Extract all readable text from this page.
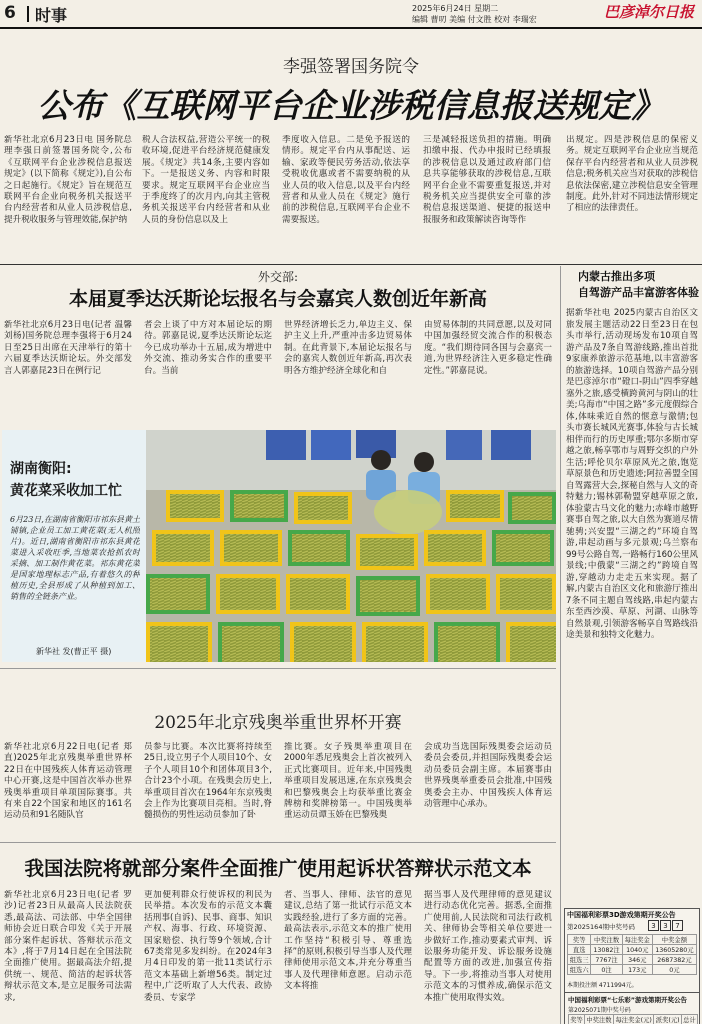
6 时事	2025年6月24日 星期二
编辑 曹叨 美编 付文胜 校对 李瑞宏	巴彦淖尔日报
李强签署国务院令
公布《互联网平台企业涉税信息报送规定》
新华社北京6月23日电 国务院总理李强日前签署国务院令,公布《互联网平台企业涉税信息报送规定》(以下简称《规定》),自公布之日起施行。《规定》旨在规范互联网平台企业向税务机关报送平台内经营者和从业人员涉税信息,提升税收服务与管理效能,保护纳
税人合法权益,营造公平统一的税收环境,促进平台经济规范健康发展。《规定》共14条,主要内容如下。一是报送义务、内容和时限要求。规定互联网平台企业应当于季度终了的次月内,向其主管税务机关报送平台内经营者和从业人员的身份信息以及上
季度收入信息。二是免予报送的情形。规定平台内从事配送、运输、家政等便民劳务活动,依法享受税收优惠或者不需要纳税的从业人员的收入信息,以及平台内经营者和从业人员在《规定》施行前的涉税信息,互联网平台企业不需要报送。
三是减轻报送负担的措施。明确扣缴申报、代办申报时已经填报的涉税信息以及通过政府部门信息共享能够获取的涉税信息,互联网平台企业不需要重复报送,并对税务机关应当提供安全可靠的涉税信息报送渠道、便捷的报送申报服务和政策解读咨询等作
出规定。四是涉税信息的保密义务。规定互联网平台企业应当规范保存平台内经营者和从业人员涉税信息;税务机关应当对获取的涉税信息依法保密,建立涉税信息安全管理制度。此外,针对不同违法情形规定了相应的法律责任。
外交部:
本届夏季达沃斯论坛报名与会嘉宾人数创近年新高
新华社北京6月23日电(记者 温馨 刘杨)国务院总理李强将于6月24日至25日出席在天津举行的第十六届夏季达沃斯论坛。外交部发言人郭嘉昆23日在例行记
者会上谈了中方对本届论坛的期待。郭嘉昆说,夏季达沃斯论坛迄今已成功举办十五届,成为増进中外交流、推动务实合作的重要平台。当前
世界经济増长乏力,单边主义、保护主义上升,严重冲击多边贸易体制。在此背景下,本届论坛报名与会的嘉宾人数创近年新高,再次表明各方维护经济全球化和自
由贸易体制的共同意愿,以及对同中国加强经贸交流合作的积极态度。“我们期待同各国与会嘉宾一道,为世界经济注入更多稳定性确定性。”郭嘉昆说。
湖南衡阳:
黄花菜采收加工忙
6月23日,在湖南省衡阳市祁东县黄土铺镇,企业员工加工黄花菜(无人机照片)。近日,湖南省衡阳市祁东县黄花菜进入采收旺季,当地菜农抢抓农时采摘、加工制作黄花菜。祁东黄花菜是国家地理标志产品,有着悠久的种植历史,全县形成了从种植到加工、销售的全链条产业。
新华社 发(曹正平 摄)
2025年北京残奥举重世界杯开赛
新华社北京6月22日电(记者 郑直)2025年北京残奥举重世界杯22日在中国残疾人体育运动管理中心开赛,这是中国首次举办世界残奥举重项目单项国际赛事。共有来自22个国家和地区的161名运动员和91名随队官
员参与比赛。本次比赛将持续至25日,设立男子个人项目10个、女子个人项目10个和团体项目3个,合计23个小项。在残奥会历史上,举重项目首次在1964年东京残奥会上作为比赛项目亮相。当时,脊髓损伤的男性运动员参加了卧
推比赛。女子残奥举重项目在2000年悉尼残奥会上首次被列入正式比赛项目。近年来,中国残奥举重项目发展迅速,在东京残奥会和巴黎残奥会上均获举重比赛金牌榜和奖牌榜第一。中国残奥举重运动员谭玉娇在巴黎残奥
会成功当选国际残奥委会运动员委员会委员,并担国际残奥委会运动员委员会副主席。本届赛事由世界残奥举重委员会批准,中国残奥委会主办、中国残疾人体育运动管理中心承办。
我国法院将就部分案件全面推广使用起诉状答辩状示范文本
新华社北京6月23日电(记者 罗沙)记者23日从最高人民法院获悉,最高法、司法部、中华全国律师协会近日联合印发《关于开展部分案件起诉状、答辩状示范文本》,将于7月14日起在全国法院全面推广使用。据最高法介绍,提供统一、规范、简洁的起诉状答辩状示范文本,是立足服务司法需求,
更加便利群众行使诉权的利民为民举措。本次发布的示范文本囊括刑事(自诉)、民事、商事、知识产权、海事、行政、环境资源、国家赔偿、执行等9个领域,合计67类常见多发纠纷。在2024年3月4日印发的第一批11类试行示范文本基础上新增56类。制定过程中,广泛听取了人大代表、政协委员、专家学
者、当事人、律师、法官的意见建议,总结了第一批试行示范文本实践经验,进行了多方面的完善。最高法表示,示范文本的推广使用工作坚持“积极引导、尊重选择”的原则,积极引导当事人及代理律师使用示范文本,并充分尊重当事人及代理律师意愿。启动示范文本将推
据当事人及代理律师的意见建议进行动态优化完善。据悉,全面推广使用前,人民法院和司法行政机关、律师协会等相关单位要进一步做好工作,推动要素式审判、诉讼服务功能开发、诉讼服务设施配置等方面的改进,加强宣传指导。下一步,将推动当事人对使用示范文本的习惯养成,确保示范文本推广使用取得实效。
内蒙古推出多项
自驾游产品丰富游客体验
据新华社电 2025内蒙古自治区文旅发展主题活动22日至23日在包头市举行,活动现场发布10项自驾游产品及7条自驾游线路,推出首批9家康养旅游示范基地,以丰富游客的旅游选择。10项自驾游产品分别是巴彦淖尔市“磴口-阴山”四季穿越塞外之旅,感受横跨黄河与阴山的壮美;乌海市“中国之路”多元度假综合体,体味乘近自然的惬意与激情;包头市赛长城风光赛事,体验与古长城相伴而行的历史厚重;鄂尔多斯市穿越之旅,畅享鄂市与周野交织的户外生活;呼伦贝尔草原风光之旅,饱览草原景色和历史遗迹;阿拉善盟全国自驾露营大会,探秘自然与人文的奇特魅力;锡林郭勒盟穿越草原之旅,体验蒙古马文化的魅力;赤峰市越野赛事自驾之旅,以大自然为赛道尽情驰骋;兴安盟“三湖之约”环境自驾游,串起动画与多元景观;乌兰察布99号公路自驾,一路畅行160公里风景线;中俄蒙“三湖之约”跨境自驾游,穿越动力走走五来实现。据了解,内蒙古自治区文化和旅游厅推出7条不同主题自驾线路,串起内蒙古东至西沙漠、草原、河湖、山脉等自然景观,引领游客畅享自驾路线沿途美景和独特文化魅力。
中国福利彩票3D游戏第期开奖公告
第2025164期中奖号码	3	3	7
奖等	中奖注数	每注奖金	中奖金额
直选	13082注	1040元	13605280元
组选三	7767注	346元	2687382元
组选六	0注	173元	0元
本期投注额 4711994元。
中国福利彩票“七乐彩”游戏第期开奖公告
第2025071期中奖号码
奖等	中奖注数	每注奖金(元)	派奖(元)	总计
